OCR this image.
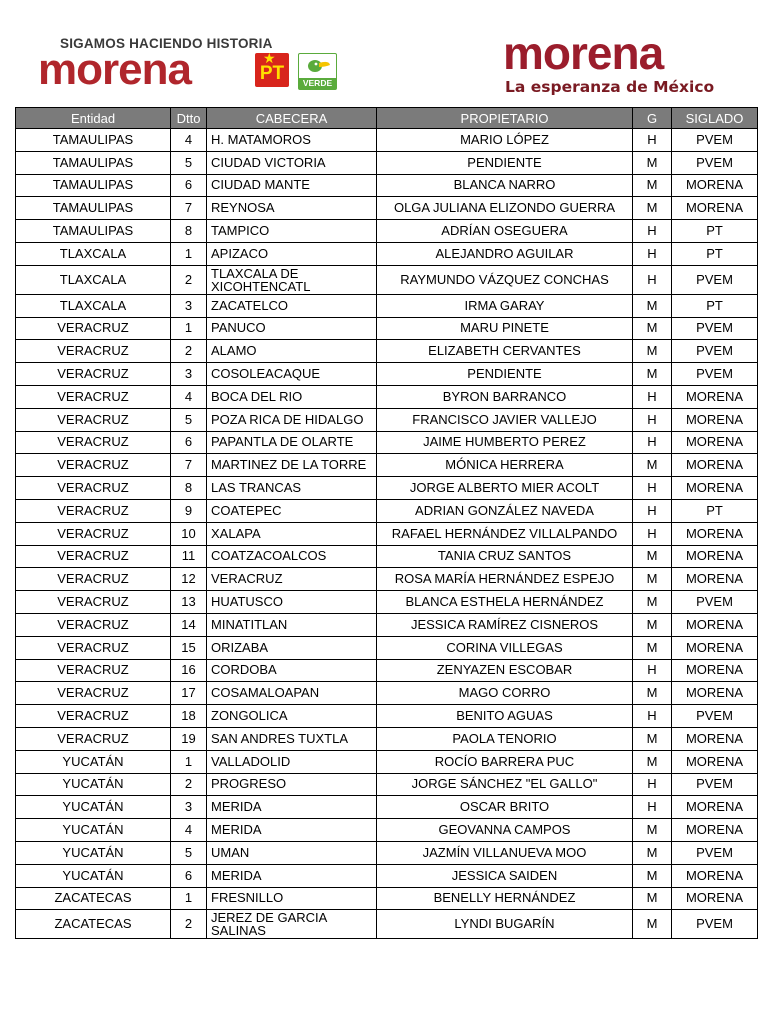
SIGAMOS HACIENDO HISTORIA
morena	★
PT	VERDE
morena
La esperanza de México
Entidad	Dtto	CABECERA	PROPIETARIO	G	SIGLADO
TAMAULIPAS	4	H. MATAMOROS	MARIO LÓPEZ	H	PVEM
TAMAULIPAS	5	CIUDAD VICTORIA	PENDIENTE	M	PVEM
TAMAULIPAS	6	CIUDAD MANTE	BLANCA NARRO	M	MORENA
TAMAULIPAS	7	REYNOSA	OLGA JULIANA ELIZONDO GUERRA	M	MORENA
TAMAULIPAS	8	TAMPICO	ADRÍAN OSEGUERA	H	PT
TLAXCALA	1	APIZACO	ALEJANDRO AGUILAR	H	PT
TLAXCALA	2	TLAXCALA DE XICOHTENCATL	RAYMUNDO VÁZQUEZ CONCHAS	H	PVEM
TLAXCALA	3	ZACATELCO	IRMA GARAY	M	PT
VERACRUZ	1	PANUCO	MARU PINETE	M	PVEM
VERACRUZ	2	ALAMO	ELIZABETH CERVANTES	M	PVEM
VERACRUZ	3	COSOLEACAQUE	PENDIENTE	M	PVEM
VERACRUZ	4	BOCA DEL RIO	BYRON BARRANCO	H	MORENA
VERACRUZ	5	POZA RICA DE HIDALGO	FRANCISCO JAVIER VALLEJO	H	MORENA
VERACRUZ	6	PAPANTLA DE OLARTE	JAIME HUMBERTO PEREZ	H	MORENA
VERACRUZ	7	MARTINEZ DE LA TORRE	MÓNICA HERRERA	M	MORENA
VERACRUZ	8	LAS TRANCAS	JORGE ALBERTO MIER ACOLT	H	MORENA
VERACRUZ	9	COATEPEC	ADRIAN GONZÁLEZ NAVEDA	H	PT
VERACRUZ	10	XALAPA	RAFAEL HERNÁNDEZ VILLALPANDO	H	MORENA
VERACRUZ	11	COATZACOALCOS	TANIA CRUZ SANTOS	M	MORENA
VERACRUZ	12	VERACRUZ	ROSA MARÍA HERNÁNDEZ ESPEJO	M	MORENA
VERACRUZ	13	HUATUSCO	BLANCA ESTHELA HERNÁNDEZ	M	PVEM
VERACRUZ	14	MINATITLAN	JESSICA RAMÍREZ CISNEROS	M	MORENA
VERACRUZ	15	ORIZABA	CORINA VILLEGAS	M	MORENA
VERACRUZ	16	CORDOBA	ZENYAZEN ESCOBAR	H	MORENA
VERACRUZ	17	COSAMALOAPAN	MAGO CORRO	M	MORENA
VERACRUZ	18	ZONGOLICA	BENITO AGUAS	H	PVEM
VERACRUZ	19	SAN ANDRES TUXTLA	PAOLA TENORIO	M	MORENA
YUCATÁN	1	VALLADOLID	ROCÍO BARRERA PUC	M	MORENA
YUCATÁN	2	PROGRESO	JORGE SÁNCHEZ "EL GALLO"	H	PVEM
YUCATÁN	3	MERIDA	OSCAR BRITO	H	MORENA
YUCATÁN	4	MERIDA	GEOVANNA CAMPOS	M	MORENA
YUCATÁN	5	UMAN	JAZMÍN VILLANUEVA MOO	M	PVEM
YUCATÁN	6	MERIDA	JESSICA SAIDEN	M	MORENA
ZACATECAS	1	FRESNILLO	BENELLY HERNÁNDEZ	M	MORENA
ZACATECAS	2	JEREZ DE GARCIA SALINAS	LYNDI BUGARÍN	M	PVEM
